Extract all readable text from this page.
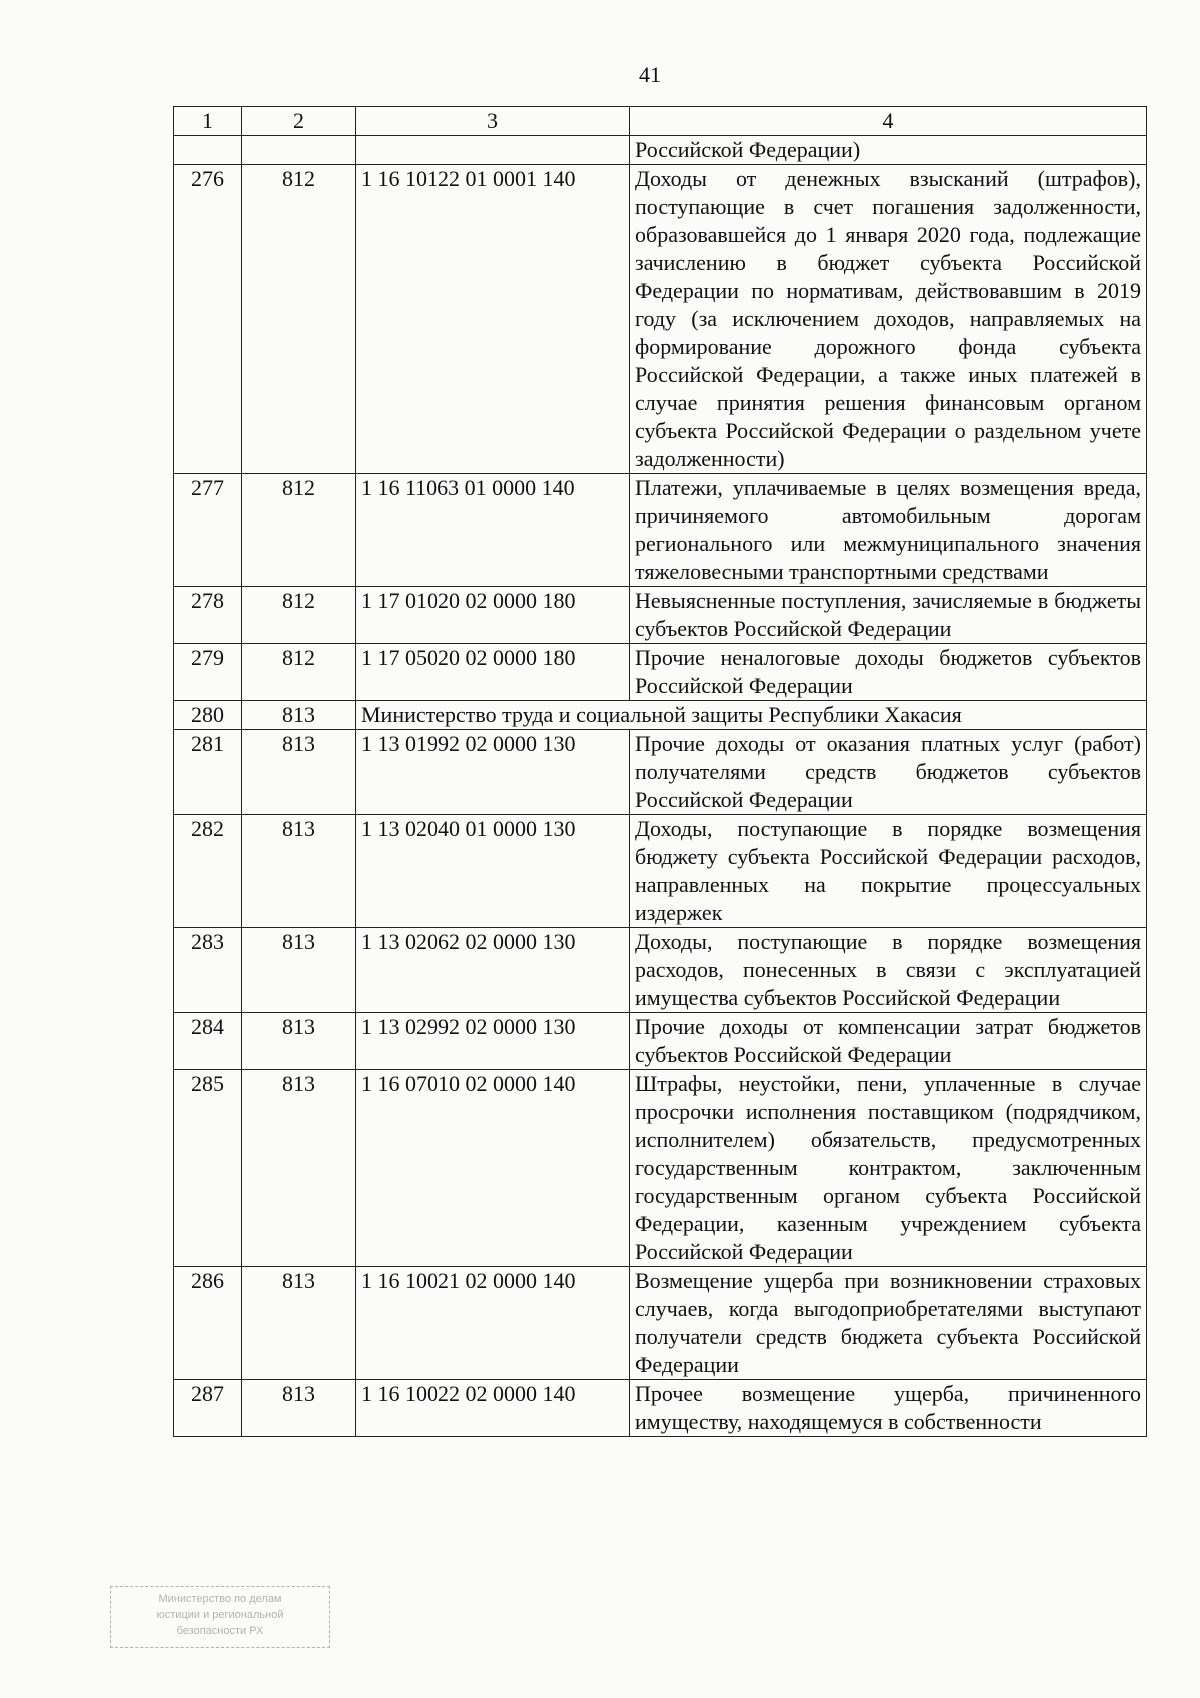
41
1	2	3	4
			Российской Федерации)
276	812	1 16 10122 01 0001 140	Доходы от денежных взысканий (штрафов), поступающие в счет погашения задолженности, образовавшейся до 1 января 2020 года, подлежащие зачислению в бюджет субъекта Российской Федерации по нормативам, действовавшим в 2019 году (за исключением доходов, направляемых на формирование дорожного фонда субъекта Российской Федерации, а также иных платежей в случае принятия решения финансовым органом субъекта Российской Федерации о раздельном учете задолженности)
277	812	1 16 11063 01 0000 140	Платежи, уплачиваемые в целях возмещения вреда, причиняемого автомобильным дорогам регионального или межмуниципального значения тяжеловесными транспортными средствами
278	812	1 17 01020 02 0000 180	Невыясненные поступления, зачисляемые в бюджеты субъектов Российской Федерации
279	812	1 17 05020 02 0000 180	Прочие неналоговые доходы бюджетов субъектов Российской Федерации
280	813	Министерство труда и социальной защиты Республики Хакасия	
281	813	1 13 01992 02 0000 130	Прочие доходы от оказания платных услуг (работ) получателями средств бюджетов субъектов Российской Федерации
282	813	1 13 02040 01 0000 130	Доходы, поступающие в порядке возмещения бюджету субъекта Российской Федерации расходов, направленных на покрытие процессуальных издержек
283	813	1 13 02062 02 0000 130	Доходы, поступающие в порядке возмещения расходов, понесенных в связи с эксплуатацией имущества субъектов Российской Федерации
284	813	1 13 02992 02 0000 130	Прочие доходы от компенсации затрат бюджетов субъектов Российской Федерации
285	813	1 16 07010 02 0000 140	Штрафы, неустойки, пени, уплаченные в случае просрочки исполнения поставщиком (подрядчиком, исполнителем) обязательств, предусмотренных государственным контрактом, заключенным государственным органом субъекта Российской Федерации, казенным учреждением субъекта Российской Федерации
286	813	1 16 10021 02 0000 140	Возмещение ущерба при возникновении страховых случаев, когда выгодоприобретателями выступают получатели средств бюджета субъекта Российской Федерации
287	813	1 16 10022 02 0000 140	Прочее возмещение ущерба, причиненного имуществу, находящемуся в собственности
Министерство по делам
юстиции и региональной
безопасности РХ
